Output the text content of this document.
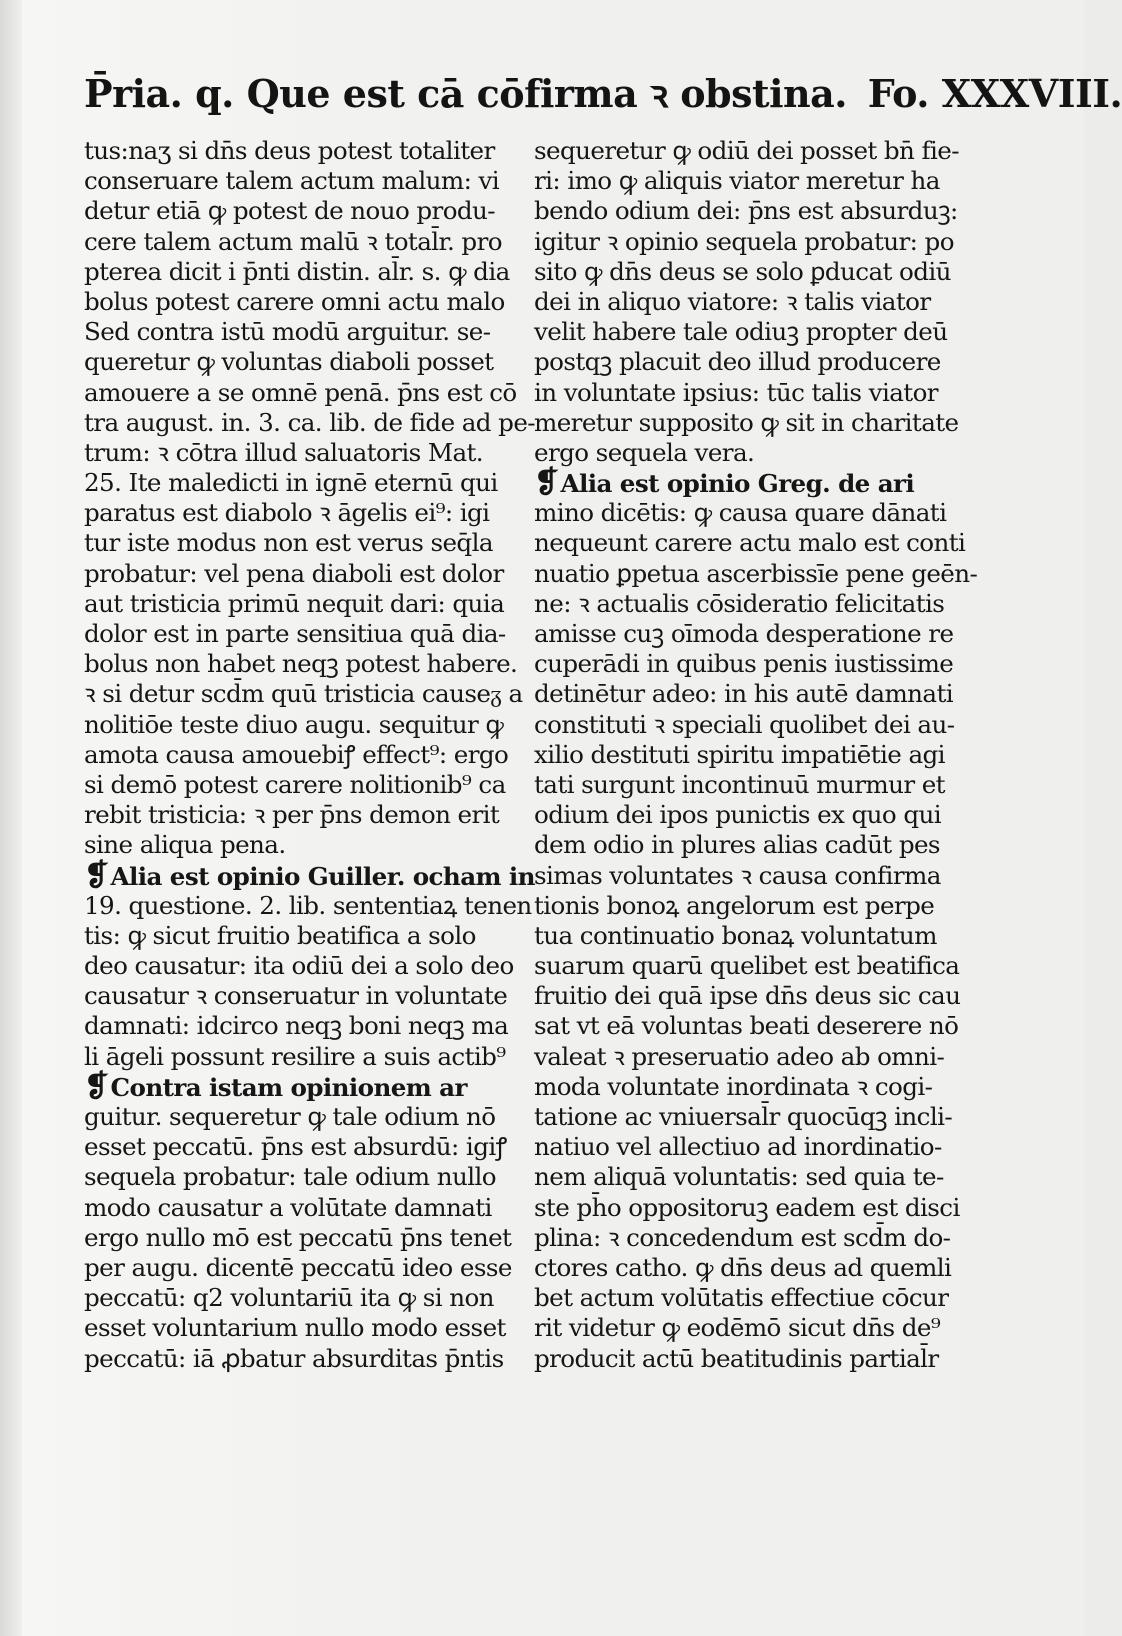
P̄ria. q. Que est cā cōfirma ꝛ obstina. Fo. XXXVIII.
tus:naʒ si dn̄s deus potest totaliter
conseruare talem actum malum: vi
detur etiā ꝙ potest de nouo produ-
cere talem actum malū ꝛ total̄r. pro
pterea dicit i p̄nti distin. al̄r. s. ꝙ dia
bolus potest carere omni actu malo
Sed contra istū modū arguitur. se-
queretur ꝙ voluntas diaboli posset
amouere a se omnē penā. p̄ns est cō
tra august. in. 3. ca. lib. de fide ad pe-
trum: ꝛ cōtra illud saluatoris Mat.
25. Ite maledicti in ignē eternū qui
paratus est diabolo ꝛ āgelis ei⁹: igi
tur iste modus non est verus seq̄la
probatur: vel pena diaboli est dolor
aut tristicia primū nequit dari: quia
dolor est in parte sensitiua quā dia-
bolus non habet neqꝫ potest habere.
ꝛ si detur scd̄m quū tristicia causeᵹ a
nolitiōe teste diuo augu. sequitur ꝙ
amota causa amouebiꝭ effect⁹: ergo
si demō potest carere nolitionib⁹ ca
rebit tristicia: ꝛ per p̄ns demon erit
sine aliqua pena.
❡Alia est opinio Guiller. ocham in
19. questione. 2. lib. sententiaꝝ tenen
tis: ꝙ sicut fruitio beatifica a solo
deo causatur: ita odiū dei a solo deo
causatur ꝛ conseruatur in voluntate
damnati: idcirco neqꝫ boni neqꝫ ma
li āgeli possunt resilire a suis actib⁹
❡Contra istam opinionem ar
guitur. sequeretur ꝙ tale odium nō
esset peccatū. p̄ns est absurdū: igiꝭ
sequela probatur: tale odium nullo
modo causatur a volūtate damnati
ergo nullo mō est peccatū p̄ns tenet
per augu. dicentē peccatū ideo esse
peccatū: q2 voluntariū ita ꝙ si non
esset voluntarium nullo modo esset
peccatū: iā ꝓbatur absurditas p̄ntis
sequeretur ꝙ odiū dei posset bn̄ fie-
ri: imo ꝙ aliquis viator meretur ha
bendo odium dei: p̄ns est absurduꝫ:
igitur ꝛ opinio sequela probatur: po
sito ꝙ dn̄s deus se solo ꝑducat odiū
dei in aliquo viatore: ꝛ talis viator
velit habere tale odiuꝫ propter deū
postqꝫ placuit deo illud producere
in voluntate ipsius: tūc talis viator
meretur supposito ꝙ sit in charitate
ergo sequela vera.
❡Alia est opinio Greg. de ari
mino dicētis: ꝙ causa quare dānati
nequeunt carere actu malo est conti
nuatio ꝑpetua ascerbissīe pene geēn-
ne: ꝛ actualis cōsideratio felicitatis
amisse cuꝫ oīmoda desperatione re
cuperādi in quibus penis iustissime
detinētur adeo: in his autē damnati
constituti ꝛ speciali quolibet dei au-
xilio destituti spiritu impatiētie agi
tati surgunt incontinuū murmur et
odium dei ipos punictis ex quo qui
dem odio in plures alias cadūt pes
simas voluntates ꝛ causa confirma
tionis bonoꝝ angelorum est perpe
tua continuatio bonaꝝ voluntatum
suarum quarū quelibet est beatifica
fruitio dei quā ipse dn̄s deus sic cau
sat vt eā voluntas beati deserere nō
valeat ꝛ preseruatio adeo ab omni-
moda voluntate inordinata ꝛ cogi-
tatione ac vniuersal̄r quocūqꝫ incli-
natiuo vel allectiuo ad inordinatio-
nem aliquā voluntatis: sed quia te-
ste ph̄o oppositoruꝫ eadem est disci
plina: ꝛ concedendum est scd̄m do-
ctores catho. ꝙ dn̄s deus ad quemli
bet actum volūtatis effectiue cōcur
rit videtur ꝙ eodēmō sicut dn̄s de⁹
producit actū beatitudinis partial̄r
